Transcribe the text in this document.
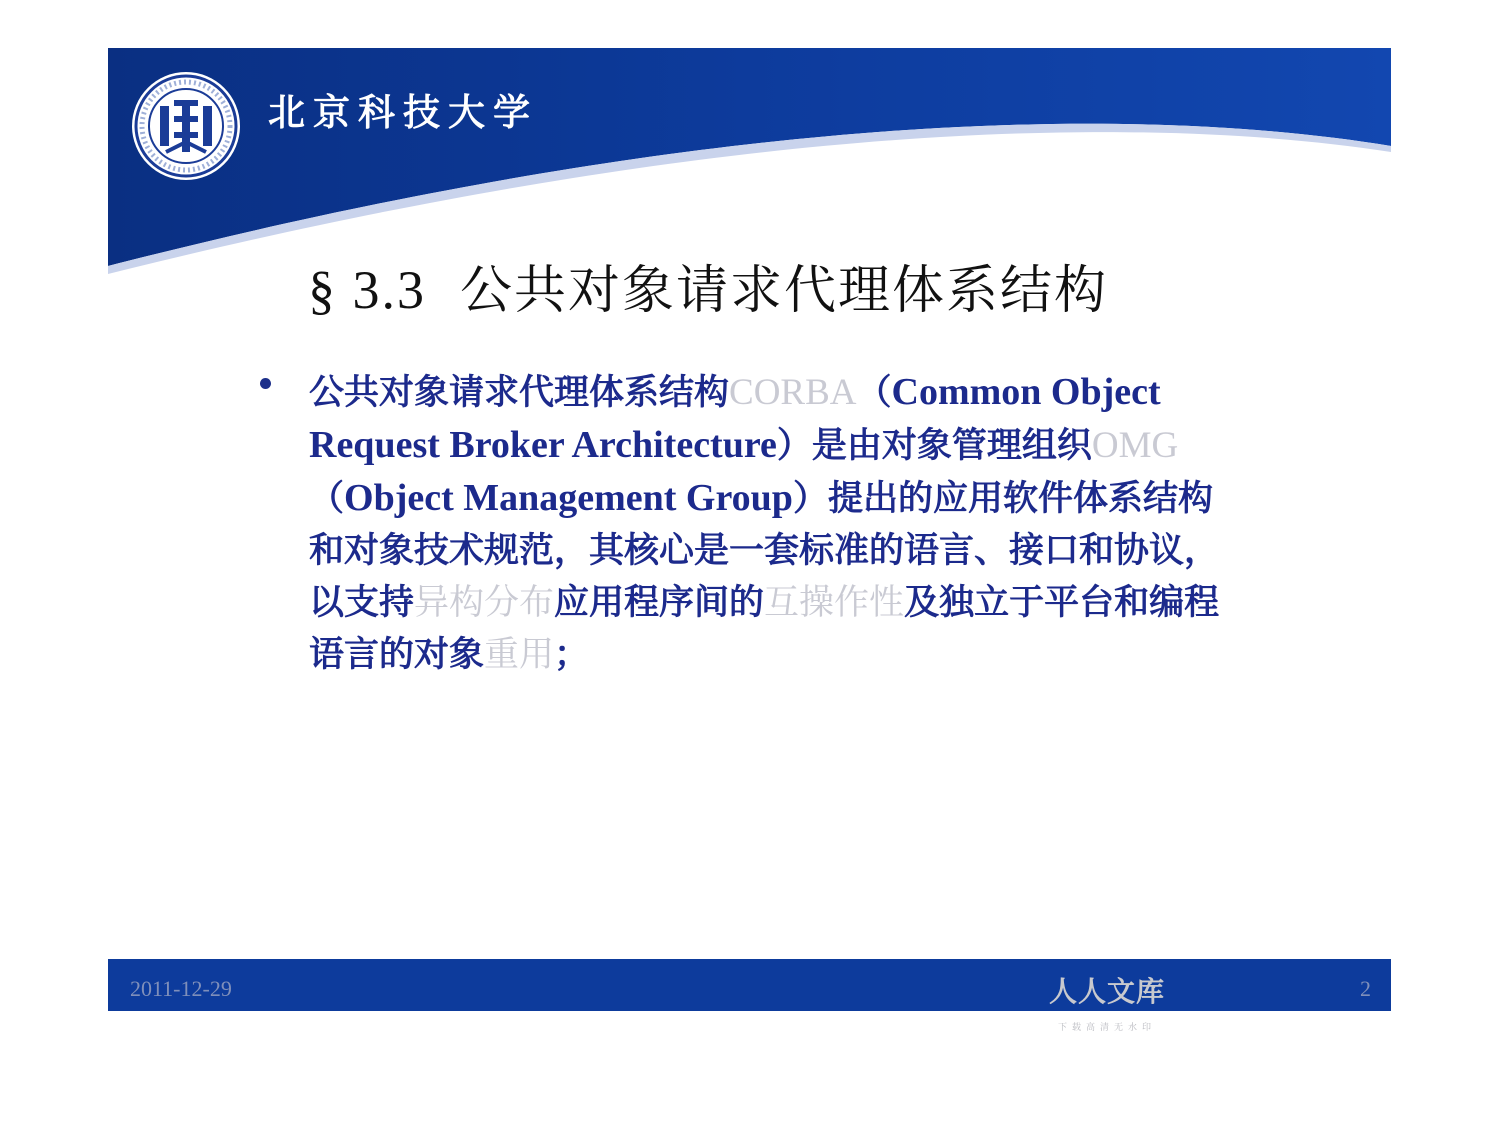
北京科技大学
§ 3.3 公共对象请求代理体系结构
公共对象请求代理体系结构CORBA（Common Object Request Broker Architecture）是由对象管理组织OMG（Object Management Group）提出的应用软件体系结构和对象技术规范，其核心是一套标准的语言、接口和协议，以支持异构分布应用程序间的互操作性及独立于平台和编程语言的对象重用；
2011-12-29	2
人人文库
下载高清无水印
